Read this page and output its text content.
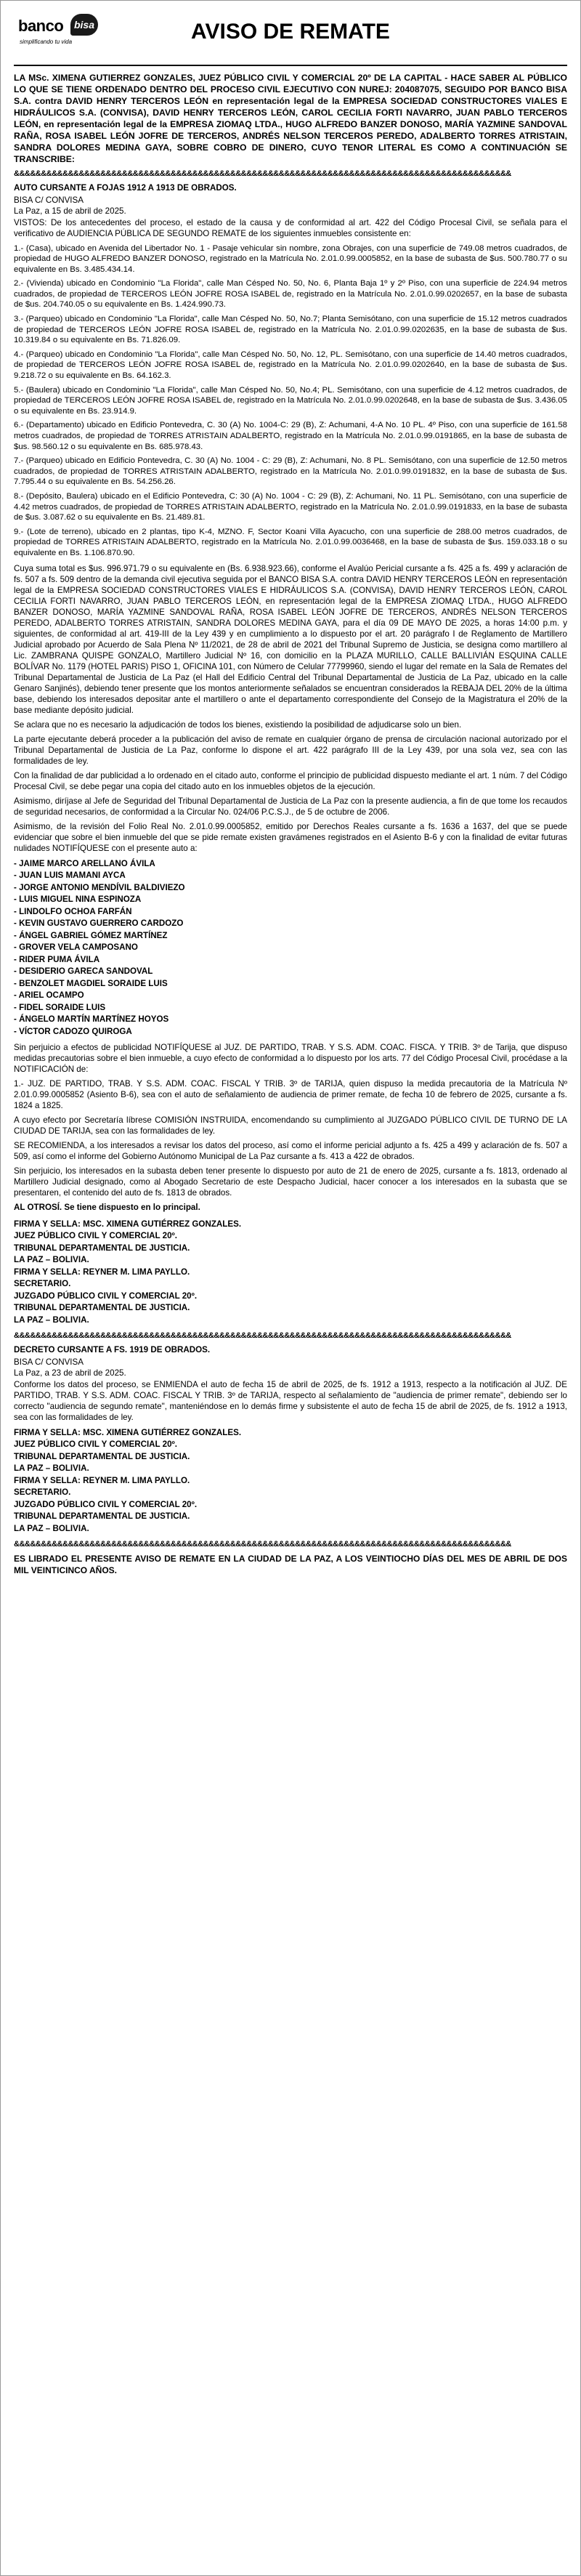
banco	bisa
simplificando tu vida	AVISO DE REMATE

LA MSc. XIMENA GUTIERREZ GONZALES, JUEZ PÚBLICO CIVIL Y COMERCIAL 20º DE LA CAPITAL - HACE SABER AL PÚBLICO LO QUE SE TIENE ORDENADO DENTRO DEL PROCESO CIVIL EJECUTIVO CON NUREJ: 204087075, SEGUIDO POR BANCO BISA S.A. contra DAVID HENRY TERCEROS LEÓN en representación legal de la EMPRESA SOCIEDAD CONSTRUCTORES VIALES E HIDRÁULICOS S.A. (CONVISA), DAVID HENRY TERCEROS LEÓN, CAROL CECILIA FORTI NAVARRO, JUAN PABLO TERCEROS LEÓN, en representación legal de la EMPRESA ZIOMAQ LTDA., HUGO ALFREDO BANZER DONOSO, MARÍA YAZMINE SANDOVAL RAÑA, ROSA ISABEL LEÓN JOFRE DE TERCEROS, ANDRÉS NELSON TERCEROS PEREDO, ADALBERTO TORRES ATRISTAIN, SANDRA DOLORES MEDINA GAYA, SOBRE COBRO DE DINERO, CUYO TENOR LITERAL ES COMO A CONTINUACIÓN SE TRANSCRIBE:

&&&&&&&&&&&&&&&&&&&&&&&&&&&&&&&&&&&&&&&&&&&&&&&&&&&&&&&&&&&&&&&&&&&&&&&&&&&&&&&&&&&&&&&&&&&&

AUTO CURSANTE A FOJAS 1912 A 1913 DE OBRADOS.

BISA C/ CONVISA

La Paz, a 15 de abril de 2025.

VISTOS: De los antecedentes del proceso, el estado de la causa y de conformidad al art. 422 del Código Procesal Civil, se señala para el verificativo de AUDIENCIA PÚBLICA DE SEGUNDO REMATE de los siguientes inmuebles consistente en:

1.- (Casa), ubicado en Avenida del Libertador No. 1 - Pasaje vehicular sin nombre, zona Obrajes, con una superficie de 749.08 metros cuadrados, de propiedad de HUGO ALFREDO BANZER DONOSO, registrado en la Matrícula No. 2.01.0.99.0005852, en la base de subasta de $us. 500.780.77 o su equivalente en Bs. 3.485.434.14.

2.- (Vivienda) ubicado en Condominio "La Florida", calle Man Césped No. 50, No. 6, Planta Baja 1º y 2º Piso, con una superficie de 224.94 metros cuadrados, de propiedad de TERCEROS LEÓN JOFRE ROSA ISABEL de, registrado en la Matrícula No. 2.01.0.99.0202657, en la base de subasta de $us. 204.740.05 o su equivalente en Bs. 1.424.990.73.

3.- (Parqueo) ubicado en Condominio "La Florida", calle Man Césped No. 50, No.7; Planta Semisótano, con una superficie de 15.12 metros cuadrados de propiedad de TERCEROS LEÓN JOFRE ROSA ISABEL de, registrado en la Matrícula No. 2.01.0.99.0202635, en la base de subasta de $us. 10.319.84 o su equivalente en Bs. 71.826.09.

4.- (Parqueo) ubicado en Condominio "La Florida", calle Man Césped No. 50, No. 12, PL. Semisótano, con una superficie de 14.40 metros cuadrados, de propiedad de TERCEROS LEÓN JOFRE ROSA ISABEL de, registrado en la Matrícula No. 2.01.0.99.0202640, en la base de subasta de $us. 9.218.72 o su equivalente en Bs. 64.162.3.

5.- (Baulera) ubicado en Condominio "La Florida", calle Man Césped No. 50, No.4; PL. Semisótano, con una superficie de 4.12 metros cuadrados, de propiedad de TERCEROS LEÓN JOFRE ROSA ISABEL de, registrado en la Matrícula No. 2.01.0.99.0202648, en la base de subasta de $us. 3.436.05 o su equivalente en Bs. 23.914.9.

6.- (Departamento) ubicado en Edificio Pontevedra, C. 30 (A) No. 1004-C: 29 (B), Z: Achumani, 4-A No. 10 PL. 4º Piso, con una superficie de 161.58 metros cuadrados, de propiedad de TORRES ATRISTAIN ADALBERTO, registrado en la Matrícula No. 2.01.0.99.0191865, en la base de subasta de $us. 98.560.12 o su equivalente en Bs. 685.978.43.

7.- (Parqueo) ubicado en Edificio Pontevedra, C. 30 (A) No. 1004 - C: 29 (B), Z: Achumani, No. 8 PL. Semisótano, con una superficie de 12.50 metros cuadrados, de propiedad de TORRES ATRISTAIN ADALBERTO, registrado en la Matrícula No. 2.01.0.99.0191832, en la base de subasta de $us. 7.795.44 o su equivalente en Bs. 54.256.26.

8.- (Depósito, Baulera) ubicado en el Edificio Pontevedra, C: 30 (A) No. 1004 - C: 29 (B), Z: Achumani, No. 11 PL. Semisótano, con una superficie de 4.42 metros cuadrados, de propiedad de TORRES ATRISTAIN ADALBERTO, registrado en la Matrícula No. 2.01.0.99.0191833, en la base de subasta de $us. 3.087.62 o su equivalente en Bs. 21.489.81.

9.- (Lote de terreno), ubicado en 2 plantas, tipo K-4, MZNO. F, Sector Koani Villa Ayacucho, con una superficie de 288.00 metros cuadrados, de propiedad de TORRES ATRISTAIN ADALBERTO, registrado en la Matrícula No. 2.01.0.99.0036468, en la base de subasta de $us. 159.033.18 o su equivalente en Bs. 1.106.870.90.

Cuya suma total es $us. 996.971.79 o su equivalente en (Bs. 6.938.923.66), conforme el Avalúo Pericial cursante a fs. 425 a fs. 499 y aclaración de fs. 507 a fs. 509 dentro de la demanda civil ejecutiva seguida por el BANCO BISA S.A. contra DAVID HENRY TERCEROS LEÓN en representación legal de la EMPRESA SOCIEDAD CONSTRUCTORES VIALES E HIDRÁULICOS S.A. (CONVISA), DAVID HENRY TERCEROS LEÓN, CAROL CECILIA FORTI NAVARRO, JUAN PABLO TERCEROS LEÓN, en representación legal de la EMPRESA ZIOMAQ LTDA., HUGO ALFREDO BANZER DONOSO, MARÍA YAZMINE SANDOVAL RAÑA, ROSA ISABEL LEÓN JOFRE DE TERCEROS, ANDRÉS NELSON TERCEROS PEREDO, ADALBERTO TORRES ATRISTAIN, SANDRA DOLORES MEDINA GAYA, para el día 09 DE MAYO DE 2025, a horas 14:00 p.m. y siguientes, de conformidad al art. 419-III de la Ley 439 y en cumplimiento a lo dispuesto por el art. 20 parágrafo I de Reglamento de Martillero Judicial aprobado por Acuerdo de Sala Plena Nº 11/2021, de 28 de abril de 2021 del Tribunal Supremo de Justicia, se designa como martillero al Lic. ZAMBRANA QUISPE GONZALO, Martillero Judicial Nº 16, con domicilio en la PLAZA MURILLO, CALLE BALLIVIÁN ESQUINA CALLE BOLÍVAR No. 1179 (HOTEL PARIS) PISO 1, OFICINA 101, con Número de Celular 77799960, siendo el lugar del remate en la Sala de Remates del Tribunal Departamental de Justicia de La Paz (el Hall del Edificio Central del Tribunal Departamental de Justicia de La Paz, ubicado en la calle Genaro Sanjinés), debiendo tener presente que los montos anteriormente señalados se encuentran considerados la REBAJA DEL 20% de la última base, debiendo los interesados depositar ante el martillero o ante el departamento correspondiente del Consejo de la Magistratura el 20% de la base mediante depósito judicial.

Se aclara que no es necesario la adjudicación de todos los bienes, existiendo la posibilidad de adjudicarse solo un bien.

La parte ejecutante deberá proceder a la publicación del aviso de remate en cualquier órgano de prensa de circulación nacional autorizado por el Tribunal Departamental de Justicia de La Paz, conforme lo dispone el art. 422 parágrafo III de la Ley 439, por una sola vez, sea con las formalidades de ley.

Con la finalidad de dar publicidad a lo ordenado en el citado auto, conforme el principio de publicidad dispuesto mediante el art. 1 núm. 7 del Código Procesal Civil, se debe pegar una copia del citado auto en los inmuebles objetos de la ejecución.

Asimismo, diríjase al Jefe de Seguridad del Tribunal Departamental de Justicia de La Paz con la presente audiencia, a fin de que tome los recaudos de seguridad necesarios, de conformidad a la Circular No. 024/06 P.C.S.J., de 5 de octubre de 2006.

Asimismo, de la revisión del Folio Real No. 2.01.0.99.0005852, emitido por Derechos Reales cursante a fs. 1636 a 1637, del que se puede evidenciar que sobre el bien inmueble del que se pide remate existen gravámenes registrados en el Asiento B-6 y con la finalidad de evitar futuras nulidades NOTIFÍQUESE con el presente auto a:

- JAIME MARCO ARELLANO ÁVILA
- JUAN LUIS MAMANI AYCA
- JORGE ANTONIO MENDÍVIL BALDIVIEZO
- LUIS MIGUEL NINA ESPINOZA
- LINDOLFO OCHOA FARFÁN
- KEVIN GUSTAVO GUERRERO CARDOZO
- ÁNGEL GABRIEL GÓMEZ MARTÍNEZ
- GROVER VELA CAMPOSANO
- RIDER PUMA ÁVILA
- DESIDERIO GARECA SANDOVAL
- BENZOLET MAGDIEL SORAIDE LUIS
- ARIEL OCAMPO
- FIDEL SORAIDE LUIS
- ÁNGELO MARTÍN MARTÍNEZ HOYOS
- VÍCTOR CADOZO QUIROGA

Sin perjuicio a efectos de publicidad NOTIFÍQUESE al JUZ. DE PARTIDO, TRAB. Y S.S. ADM. COAC. FISCA. Y TRIB. 3º de Tarija, que dispuso medidas precautorias sobre el bien inmueble, a cuyo efecto de conformidad a lo dispuesto por los arts. 77 del Código Procesal Civil, procédase a la NOTIFICACIÓN de:

1.- JUZ. DE PARTIDO, TRAB. Y S.S. ADM. COAC. FISCAL Y TRIB. 3º de TARIJA, quien dispuso la medida precautoria de la Matrícula Nº 2.01.0.99.0005852 (Asiento B-6), sea con el auto de señalamiento de audiencia de primer remate, de fecha 10 de febrero de 2025, cursante a fs. 1824 a 1825.

A cuyo efecto por Secretaría líbrese COMISIÓN INSTRUIDA, encomendando su cumplimiento al JUZGADO PÚBLICO CIVIL DE TURNO DE LA CIUDAD DE TARIJA, sea con las formalidades de ley.

SE RECOMIENDA, a los interesados a revisar los datos del proceso, así como el informe pericial adjunto a fs. 425 a 499 y aclaración de fs. 507 a 509, así como el informe del Gobierno Autónomo Municipal de La Paz cursante a fs. 413 a 422 de obrados.

Sin perjuicio, los interesados en la subasta deben tener presente lo dispuesto por auto de 21 de enero de 2025, cursante a fs. 1813, ordenado al Martillero Judicial designado, como al Abogado Secretario de este Despacho Judicial, hacer conocer a los interesados en la subasta que se presentaren, el contenido del auto de fs. 1813 de obrados.

AL OTROSÍ. Se tiene dispuesto en lo principal.

FIRMA Y SELLA: MSC. XIMENA GUTIÉRREZ GONZALES.

JUEZ PÚBLICO CIVIL Y COMERCIAL 20º.

TRIBUNAL DEPARTAMENTAL DE JUSTICIA.

LA PAZ – BOLIVIA.

FIRMA Y SELLA: REYNER M. LIMA PAYLLO.

SECRETARIO.

JUZGADO PÚBLICO CIVIL Y COMERCIAL 20º.

TRIBUNAL DEPARTAMENTAL DE JUSTICIA.

LA PAZ – BOLIVIA.

&&&&&&&&&&&&&&&&&&&&&&&&&&&&&&&&&&&&&&&&&&&&&&&&&&&&&&&&&&&&&&&&&&&&&&&&&&&&&&&&&&&&&&&&&&&&

DECRETO CURSANTE A FS. 1919 DE OBRADOS.

BISA C/ CONVISA

La Paz, a 23 de abril de 2025.

Conforme los datos del proceso, se ENMIENDA el auto de fecha 15 de abril de 2025, de fs. 1912 a 1913, respecto a la notificación al JUZ. DE PARTIDO, TRAB. Y S.S. ADM. COAC. FISCAL Y TRIB. 3º de TARIJA, respecto al señalamiento de "audiencia de primer remate", debiendo ser lo correcto "audiencia de segundo remate", manteniéndose en lo demás firme y subsistente el auto de fecha 15 de abril de 2025, de fs. 1912 a 1913, sea con las formalidades de ley.

FIRMA Y SELLA: MSC. XIMENA GUTIÉRREZ GONZALES.

JUEZ PÚBLICO CIVIL Y COMERCIAL 20º.

TRIBUNAL DEPARTAMENTAL DE JUSTICIA.

LA PAZ – BOLIVIA.

FIRMA Y SELLA: REYNER M. LIMA PAYLLO.

SECRETARIO.

JUZGADO PÚBLICO CIVIL Y COMERCIAL 20º.

TRIBUNAL DEPARTAMENTAL DE JUSTICIA.

LA PAZ – BOLIVIA.

&&&&&&&&&&&&&&&&&&&&&&&&&&&&&&&&&&&&&&&&&&&&&&&&&&&&&&&&&&&&&&&&&&&&&&&&&&&&&&&&&&&&&&&&&&&&

ES LIBRADO EL PRESENTE AVISO DE REMATE EN LA CIUDAD DE LA PAZ, A LOS VEINTIOCHO DÍAS DEL MES DE ABRIL DE DOS MIL VEINTICINCO AÑOS.
